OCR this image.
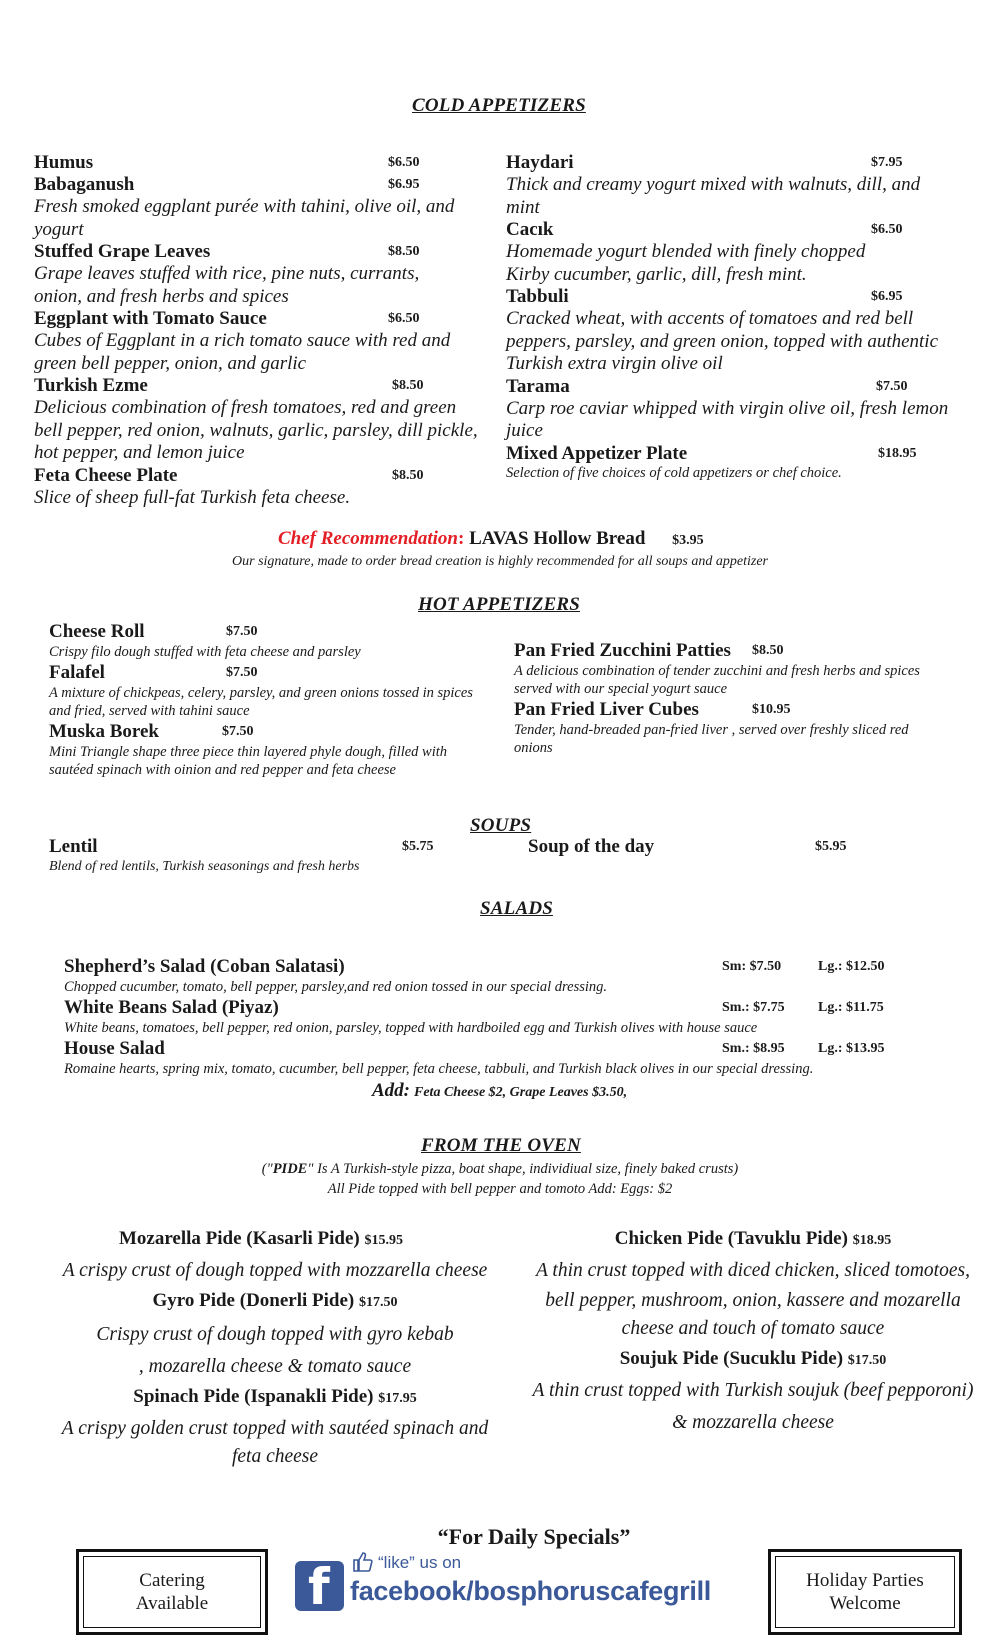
COLD APPETIZERS
Humus	$6.50
Babaganush	$6.95
Fresh smoked eggplant purée with tahini, olive oil, and yogurt
Stuffed Grape Leaves	$8.50
Grape leaves stuffed with rice, pine nuts, currants, onion, and fresh herbs and spices
Eggplant with Tomato Sauce	$6.50
Cubes of Eggplant in a rich tomato sauce with red and green bell pepper, onion, and garlic
Turkish Ezme	$8.50
Delicious combination of fresh tomatoes, red and green bell pepper, red onion, walnuts, garlic, parsley, dill pickle, hot pepper, and lemon juice
Feta Cheese Plate	$8.50
Slice of sheep full-fat Turkish feta cheese.
Haydari	$7.95
Thick and creamy yogurt mixed with walnuts, dill, and mint
Cacık	$6.50
Homemade yogurt blended with finely chopped Kirby cucumber, garlic, dill, fresh mint.
Tabbuli	$6.95
Cracked wheat, with accents of tomatoes and red bell peppers, parsley, and green onion, topped with authentic Turkish extra virgin olive oil
Tarama	$7.50
Carp roe caviar whipped with virgin olive oil, fresh lemon juice
Mixed Appetizer Plate	$18.95
Selection of five choices of cold appetizers or chef choice.
Chef Recommendation: LAVAS Hollow Bread $3.95
Our signature, made to order bread creation is highly recommended for all soups and appetizer
HOT APPETIZERS
Cheese Roll	$7.50
Crispy filo dough stuffed with feta cheese and parsley
Falafel	$7.50
A mixture of chickpeas, celery, parsley, and green onions tossed in spices and fried, served with tahini sauce
Muska Borek	$7.50
Mini Triangle shape three piece thin layered phyle dough, filled with sautéed spinach with oinion and red pepper and feta cheese
Pan Fried Zucchini Patties	$8.50
A delicious combination of tender zucchini and fresh herbs and spices served with our special yogurt sauce
Pan Fried Liver Cubes	$10.95
Tender, hand-breaded pan-fried liver , served over freshly sliced red onions
SOUPS
Lentil	$5.75
Blend of red lentils, Turkish seasonings and fresh herbs
Soup of the day	$5.95
SALADS
Shepherd’s Salad (Coban Salatasi)	Sm: $7.50	Lg.: $12.50
Chopped cucumber, tomato, bell pepper, parsley,and red onion tossed in our special dressing.
White Beans Salad (Piyaz)	Sm.: $7.75 Lg.: $11.75
White beans, tomatoes, bell pepper, red onion, parsley, topped with hardboiled egg and Turkish olives with house sauce
House Salad	Sm.: $8.95 Lg.: $13.95
Romaine hearts, spring mix, tomato, cucumber, bell pepper, feta cheese, tabbuli, and Turkish black olives in our special dressing.
Add: Feta Cheese $2, Grape Leaves $3.50,
FROM THE OVEN
("PIDE" Is A Turkish-style pizza, boat shape, individiual size, finely baked crusts)
All Pide topped with bell pepper and tomoto Add: Eggs: $2
Mozarella Pide (Kasarli Pide) $15.95
A crispy crust of dough topped with mozzarella cheese
Gyro Pide (Donerli Pide) $17.50
Crispy crust of dough topped with gyro kebab
, mozarella cheese & tomato sauce
Spinach Pide (Ispanakli Pide) $17.95
A crispy golden crust topped with sautéed spinach and
feta cheese
Chicken Pide (Tavuklu Pide) $18.95
A thin crust topped with diced chicken, sliced tomotoes,
bell pepper, mushroom, onion, kassere and mozarella
cheese and touch of tomato sauce
Soujuk Pide (Sucuklu Pide) $17.50
A thin crust topped with Turkish soujuk (beef pepporoni)
& mozzarella cheese
“For Daily Specials”
Catering
Available f	“like” us on
facebook/bosphoruscafegrill	Holiday Parties
Welcome
